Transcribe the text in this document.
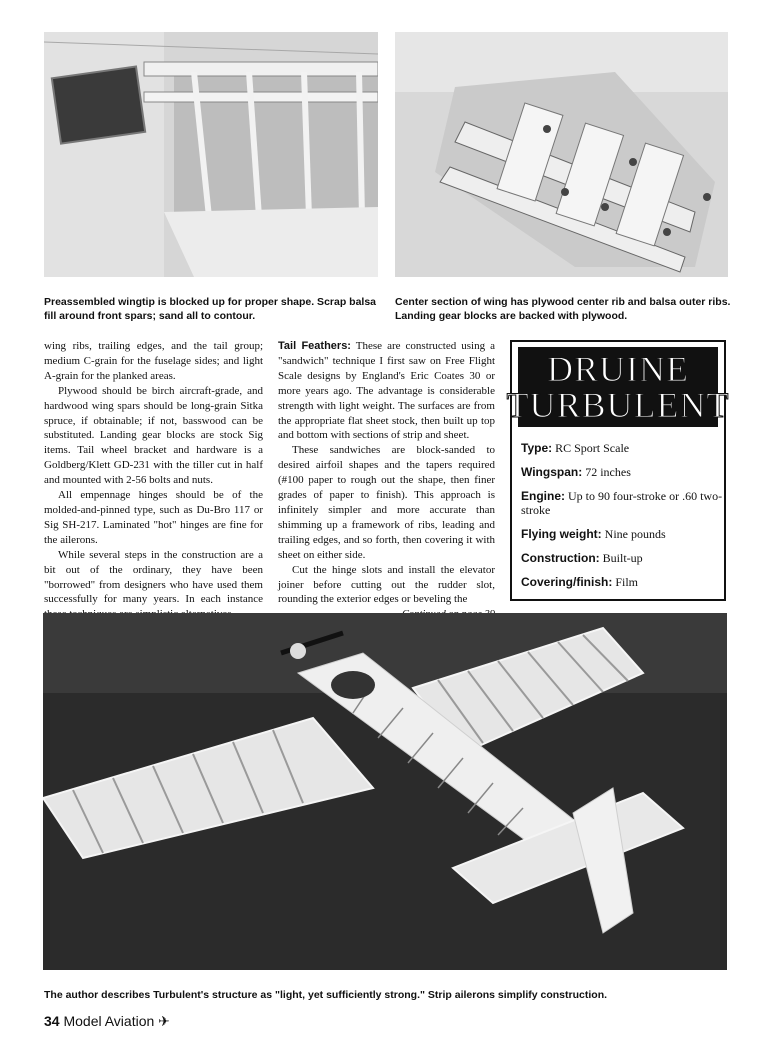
Preassembled wingtip is blocked up for proper shape. Scrap balsa fill around front spars; sand all to contour.
Center section of wing has plywood center rib and balsa outer ribs. Landing gear blocks are backed with plywood.

wing ribs, trailing edges, and the tail group; medium C-grain for the fuselage sides; and light A-grain for the planked areas.

Plywood should be birch aircraft-grade, and hardwood wing spars should be long-grain Sitka spruce, if obtainable; if not, basswood can be substituted. Landing gear blocks are stock Sig items. Tail wheel bracket and hardware is a Goldberg/Klett GD-231 with the tiller cut in half and mounted with 2-56 bolts and nuts.

All empennage hinges should be of the molded-and-pinned type, such as Du-Bro 117 or Sig SH-217. Laminated "hot" hinges are fine for the ailerons.

While several steps in the construction are a bit out of the ordinary, they have been "borrowed" from designers who have used them successfully for many years. In each instance

Tail Feathers: These are constructed using a "sandwich" technique I first saw on Free Flight Scale designs by England's Eric Coates 30 or more years ago. The advantage is considerable strength with light weight. The surfaces are from the appropriate flat sheet stock, then built up top and bottom with sections of strip and sheet.

These sandwiches are block-sanded to desired airfoil shapes and the tapers required (#100 paper to rough out the shape, then finer grades of paper to finish). This approach is infinitely simpler and more accurate than shimming up a framework of ribs, leading and trailing edges, and so forth, then covering it with sheet on either side.

Cut the hinge slots and install the elevator joiner before cutting out the rudder slot, rounding the exterior edges or beveling the

DRUINE
TURBULENT
Type: RC Sport Scale
Wingspan: 72 inches
Engine: Up to 90 four-stroke or .60 two-stroke
Flying weight: Nine pounds
Construction: Built-up
Covering/finish: Film
The author describes Turbulent's structure as "light, yet sufficiently strong." Strip ailerons simplify construction.
34 Model Aviation ✈
